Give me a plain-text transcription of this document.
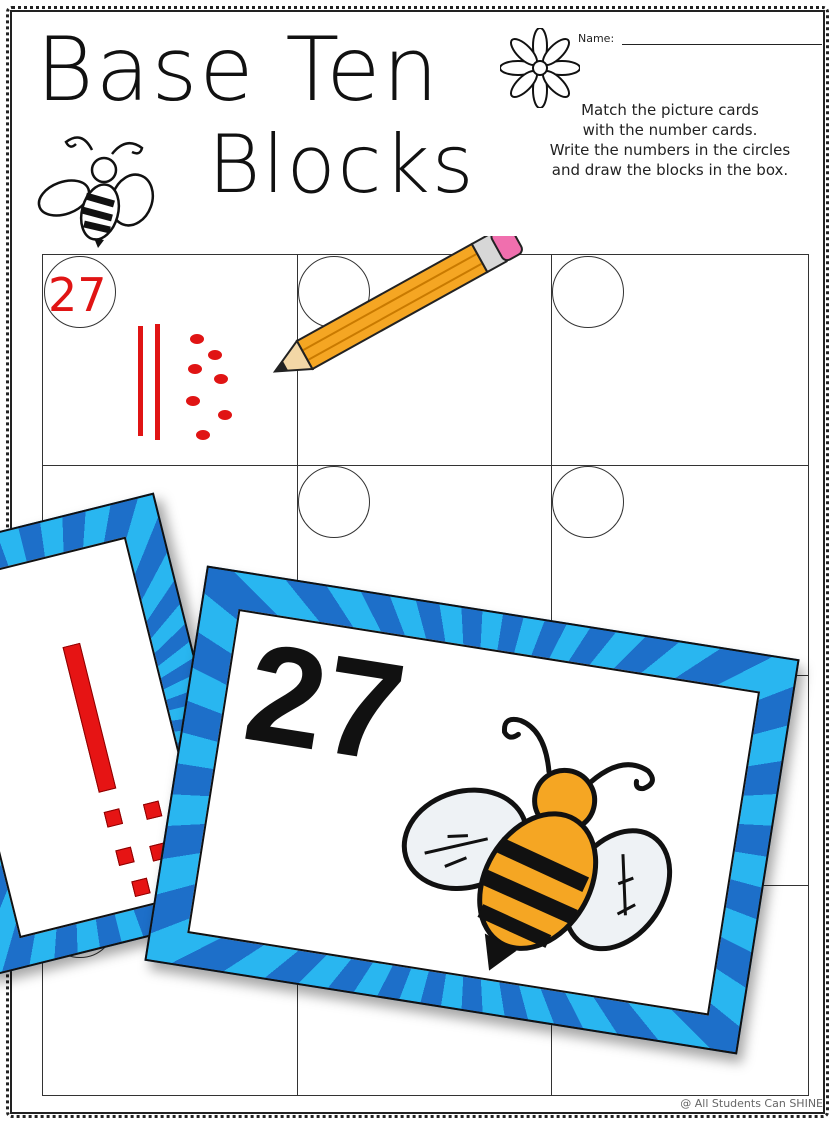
Base Ten
Blocks
Name:
Match the picture cards
with the number cards.
Write the numbers in the circles
and draw the blocks in the box.
27
27
@ All Students Can SHINE
